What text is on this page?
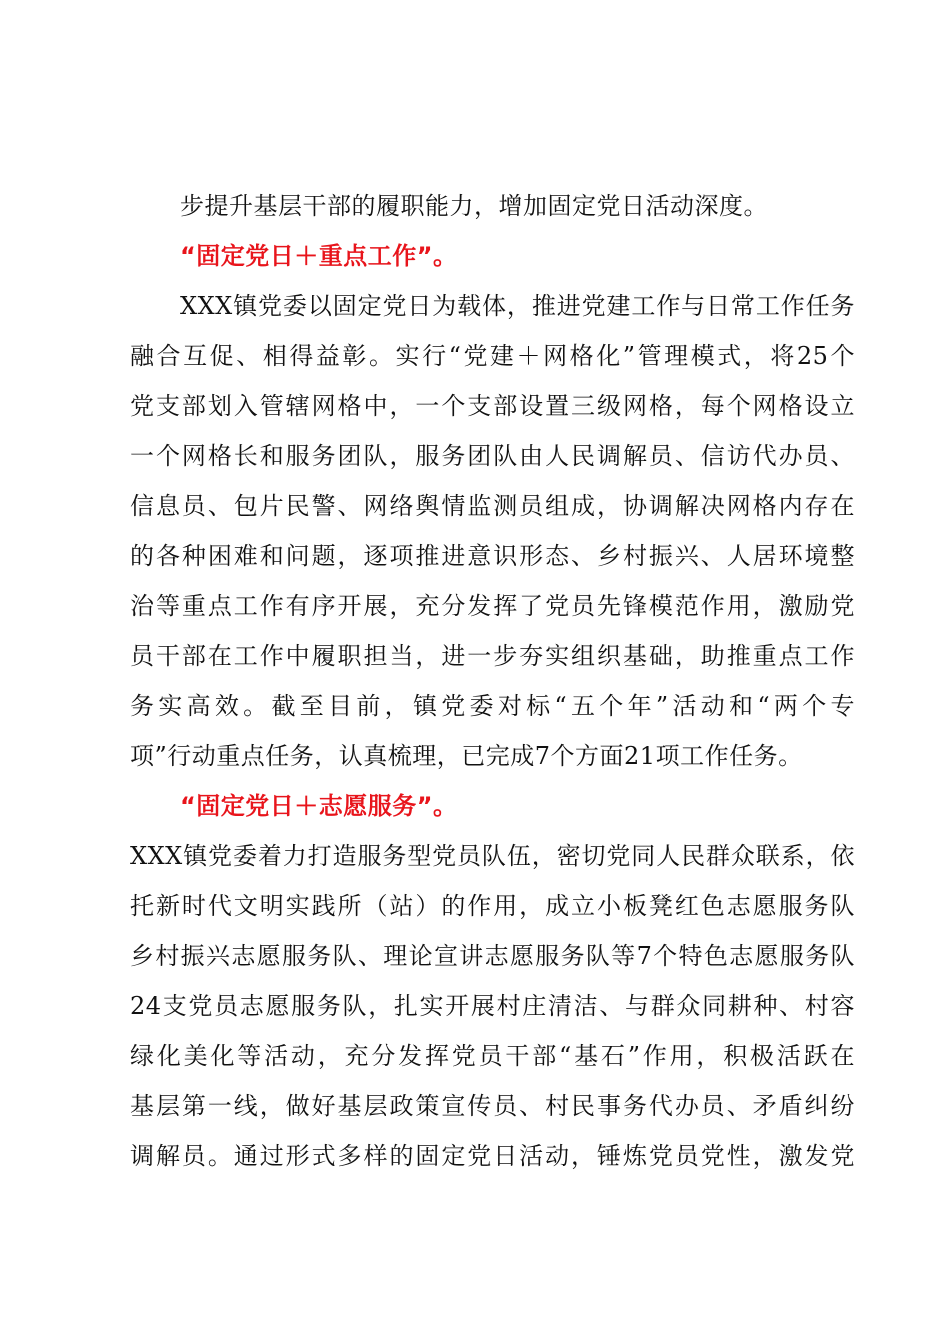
步提升基层干部的履职能力，增加固定党日活动深度。
“固定党日＋重点工作”。
XXX镇党委以固定党日为载体，推进党建工作与日常工作任务
融合互促、相得益彰。实行“党建＋网格化”管理模式，将25个
党支部划入管辖网格中，一个支部设置三级网格，每个网格设立
一个网格长和服务团队，服务团队由人民调解员、信访代办员、
信息员、包片民警、网络舆情监测员组成，协调解决网格内存在
的各种困难和问题，逐项推进意识形态、乡村振兴、人居环境整
治等重点工作有序开展，充分发挥了党员先锋模范作用，激励党
员干部在工作中履职担当，进一步夯实组织基础，助推重点工作
务实高效。截至目前，镇党委对标“五个年”活动和“两个专
项”行动重点任务，认真梳理，已完成7个方面21项工作任务。
“固定党日＋志愿服务”。
XXX镇党委着力打造服务型党员队伍，密切党同人民群众联系，依
托新时代文明实践所（站）的作用，成立小板凳红色志愿服务队
乡村振兴志愿服务队、理论宣讲志愿服务队等7个特色志愿服务队
24支党员志愿服务队，扎实开展村庄清洁、与群众同耕种、村容
绿化美化等活动，充分发挥党员干部“基石”作用，积极活跃在
基层第一线，做好基层政策宣传员、村民事务代办员、矛盾纠纷
调解员。通过形式多样的固定党日活动，锤炼党员党性，激发党
